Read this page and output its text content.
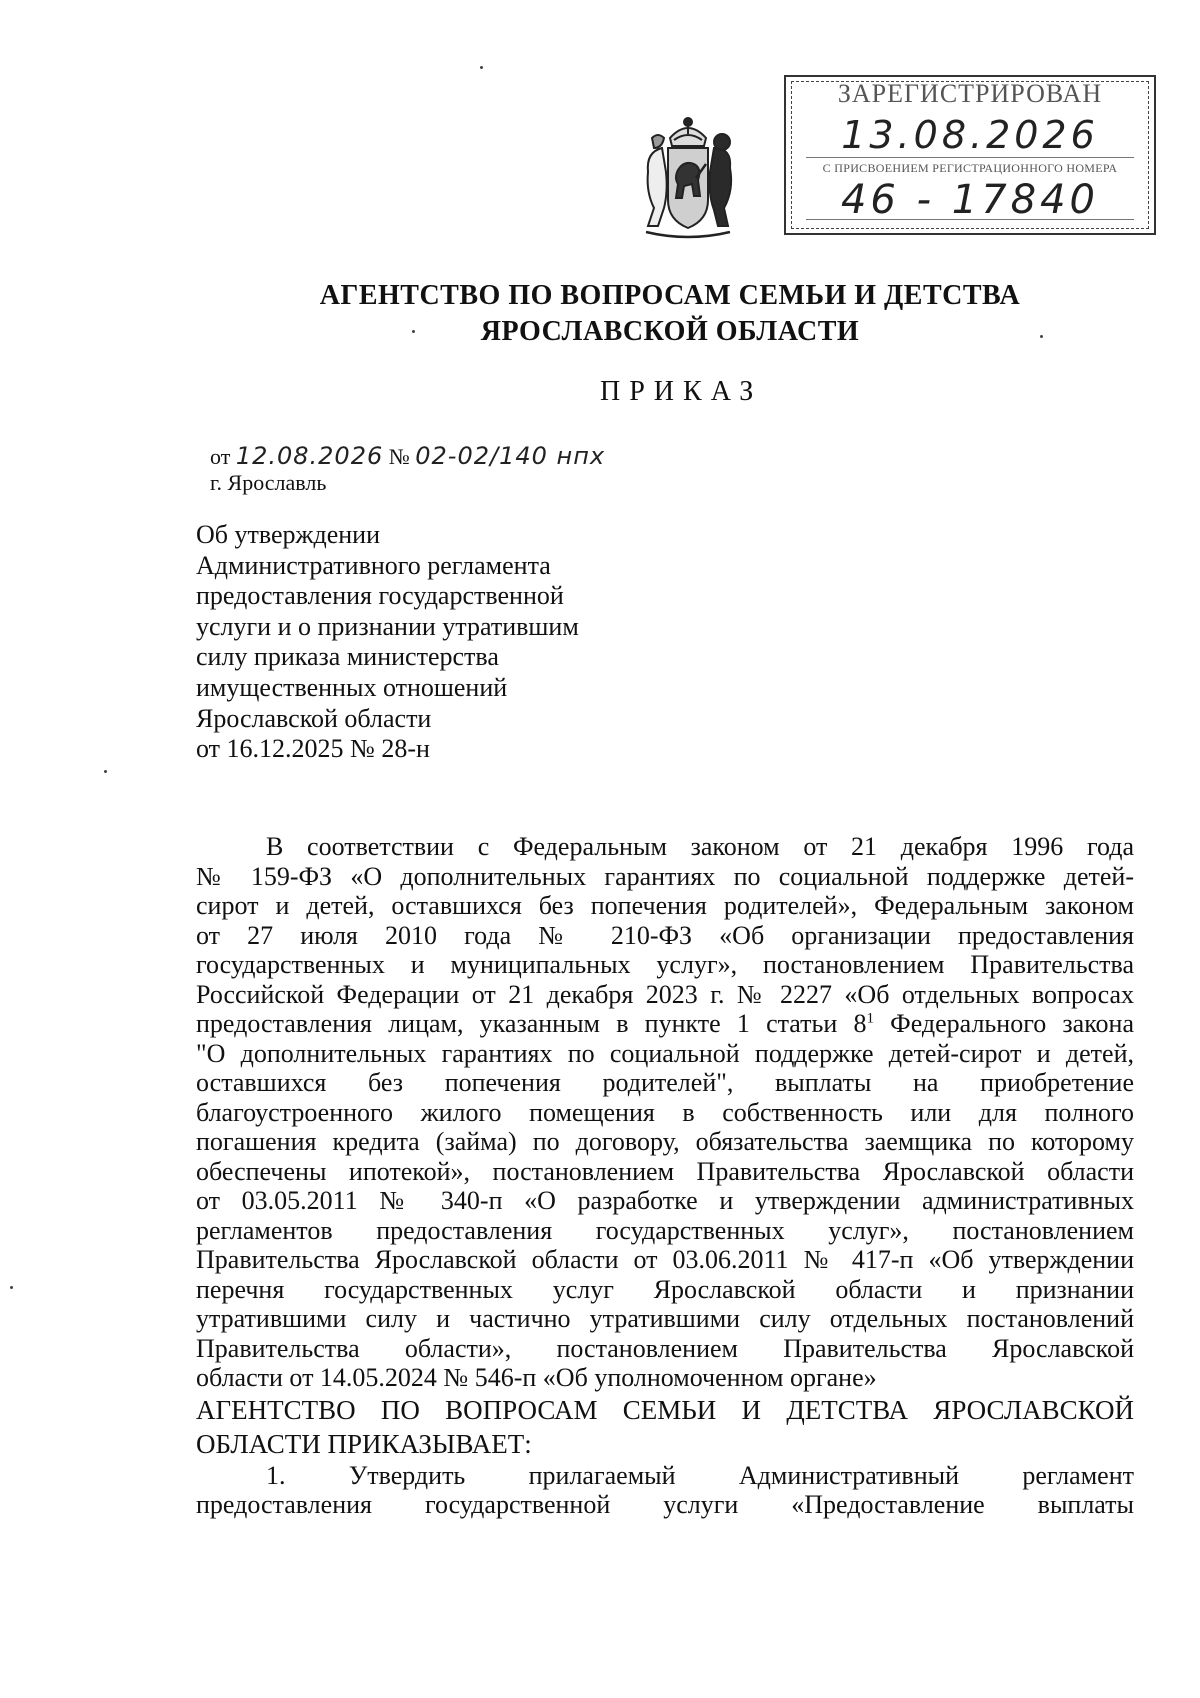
ЗАРЕГИСТРИРОВАН
13.08.2026
С ПРИСВОЕНИЕМ РЕГИСТРАЦИОННОГО НОМЕРА
46 - 17840
АГЕНТСТВО ПО ВОПРОСАМ СЕМЬИ И ДЕТСТВА
ЯРОСЛАВСКОЙ ОБЛАСТИ
ПРИКАЗ
от 12.08.2026 № 02-02/140 нпх
г. Ярославль
Об утверждении
Административного регламента
предоставления государственной
услуги и о признании утратившим
силу приказа министерства
имущественных отношений
Ярославской области
от 16.12.2025 № 28-н
В соответствии с Федеральным законом от 21 декабря 1996 года
№ 159-ФЗ «О дополнительных гарантиях по социальной поддержке детей-
сирот и детей, оставшихся без попечения родителей», Федеральным законом
от 27 июля 2010 года № 210-ФЗ «Об организации предоставления
государственных и муниципальных услуг», постановлением Правительства
Российской Федерации от 21 декабря 2023 г. № 2227 «Об отдельных вопросах
предоставления лицам, указанным в пункте 1 статьи $8^1$ Федерального закона
"О дополнительных гарантиях по социальной поддержке детей-сирот и детей,
оставшихся без попечения родителей", выплаты на приобретение
благоустроенного жилого помещения в собственность или для полного
погашения кредита (займа) по договору, обязательства заемщика по которому
обеспечены ипотекой», постановлением Правительства Ярославской области
от 03.05.2011 № 340-п «О разработке и утверждении административных
регламентов предоставления государственных услуг», постановлением
Правительства Ярославской области от 03.06.2011 № 417-п «Об утверждении
перечня государственных услуг Ярославской области и признании
утратившими силу и частично утратившими силу отдельных постановлений
Правительства области», постановлением Правительства Ярославской
области от 14.05.2024 № 546-п «Об уполномоченном органе»
АГЕНТСТВО ПО ВОПРОСАМ СЕМЬИ И ДЕТСТВА ЯРОСЛАВСКОЙ
ОБЛАСТИ ПРИКАЗЫВАЕТ:
1. Утвердить прилагаемый Административный регламент
предоставления государственной услуги «Предоставление выплаты
